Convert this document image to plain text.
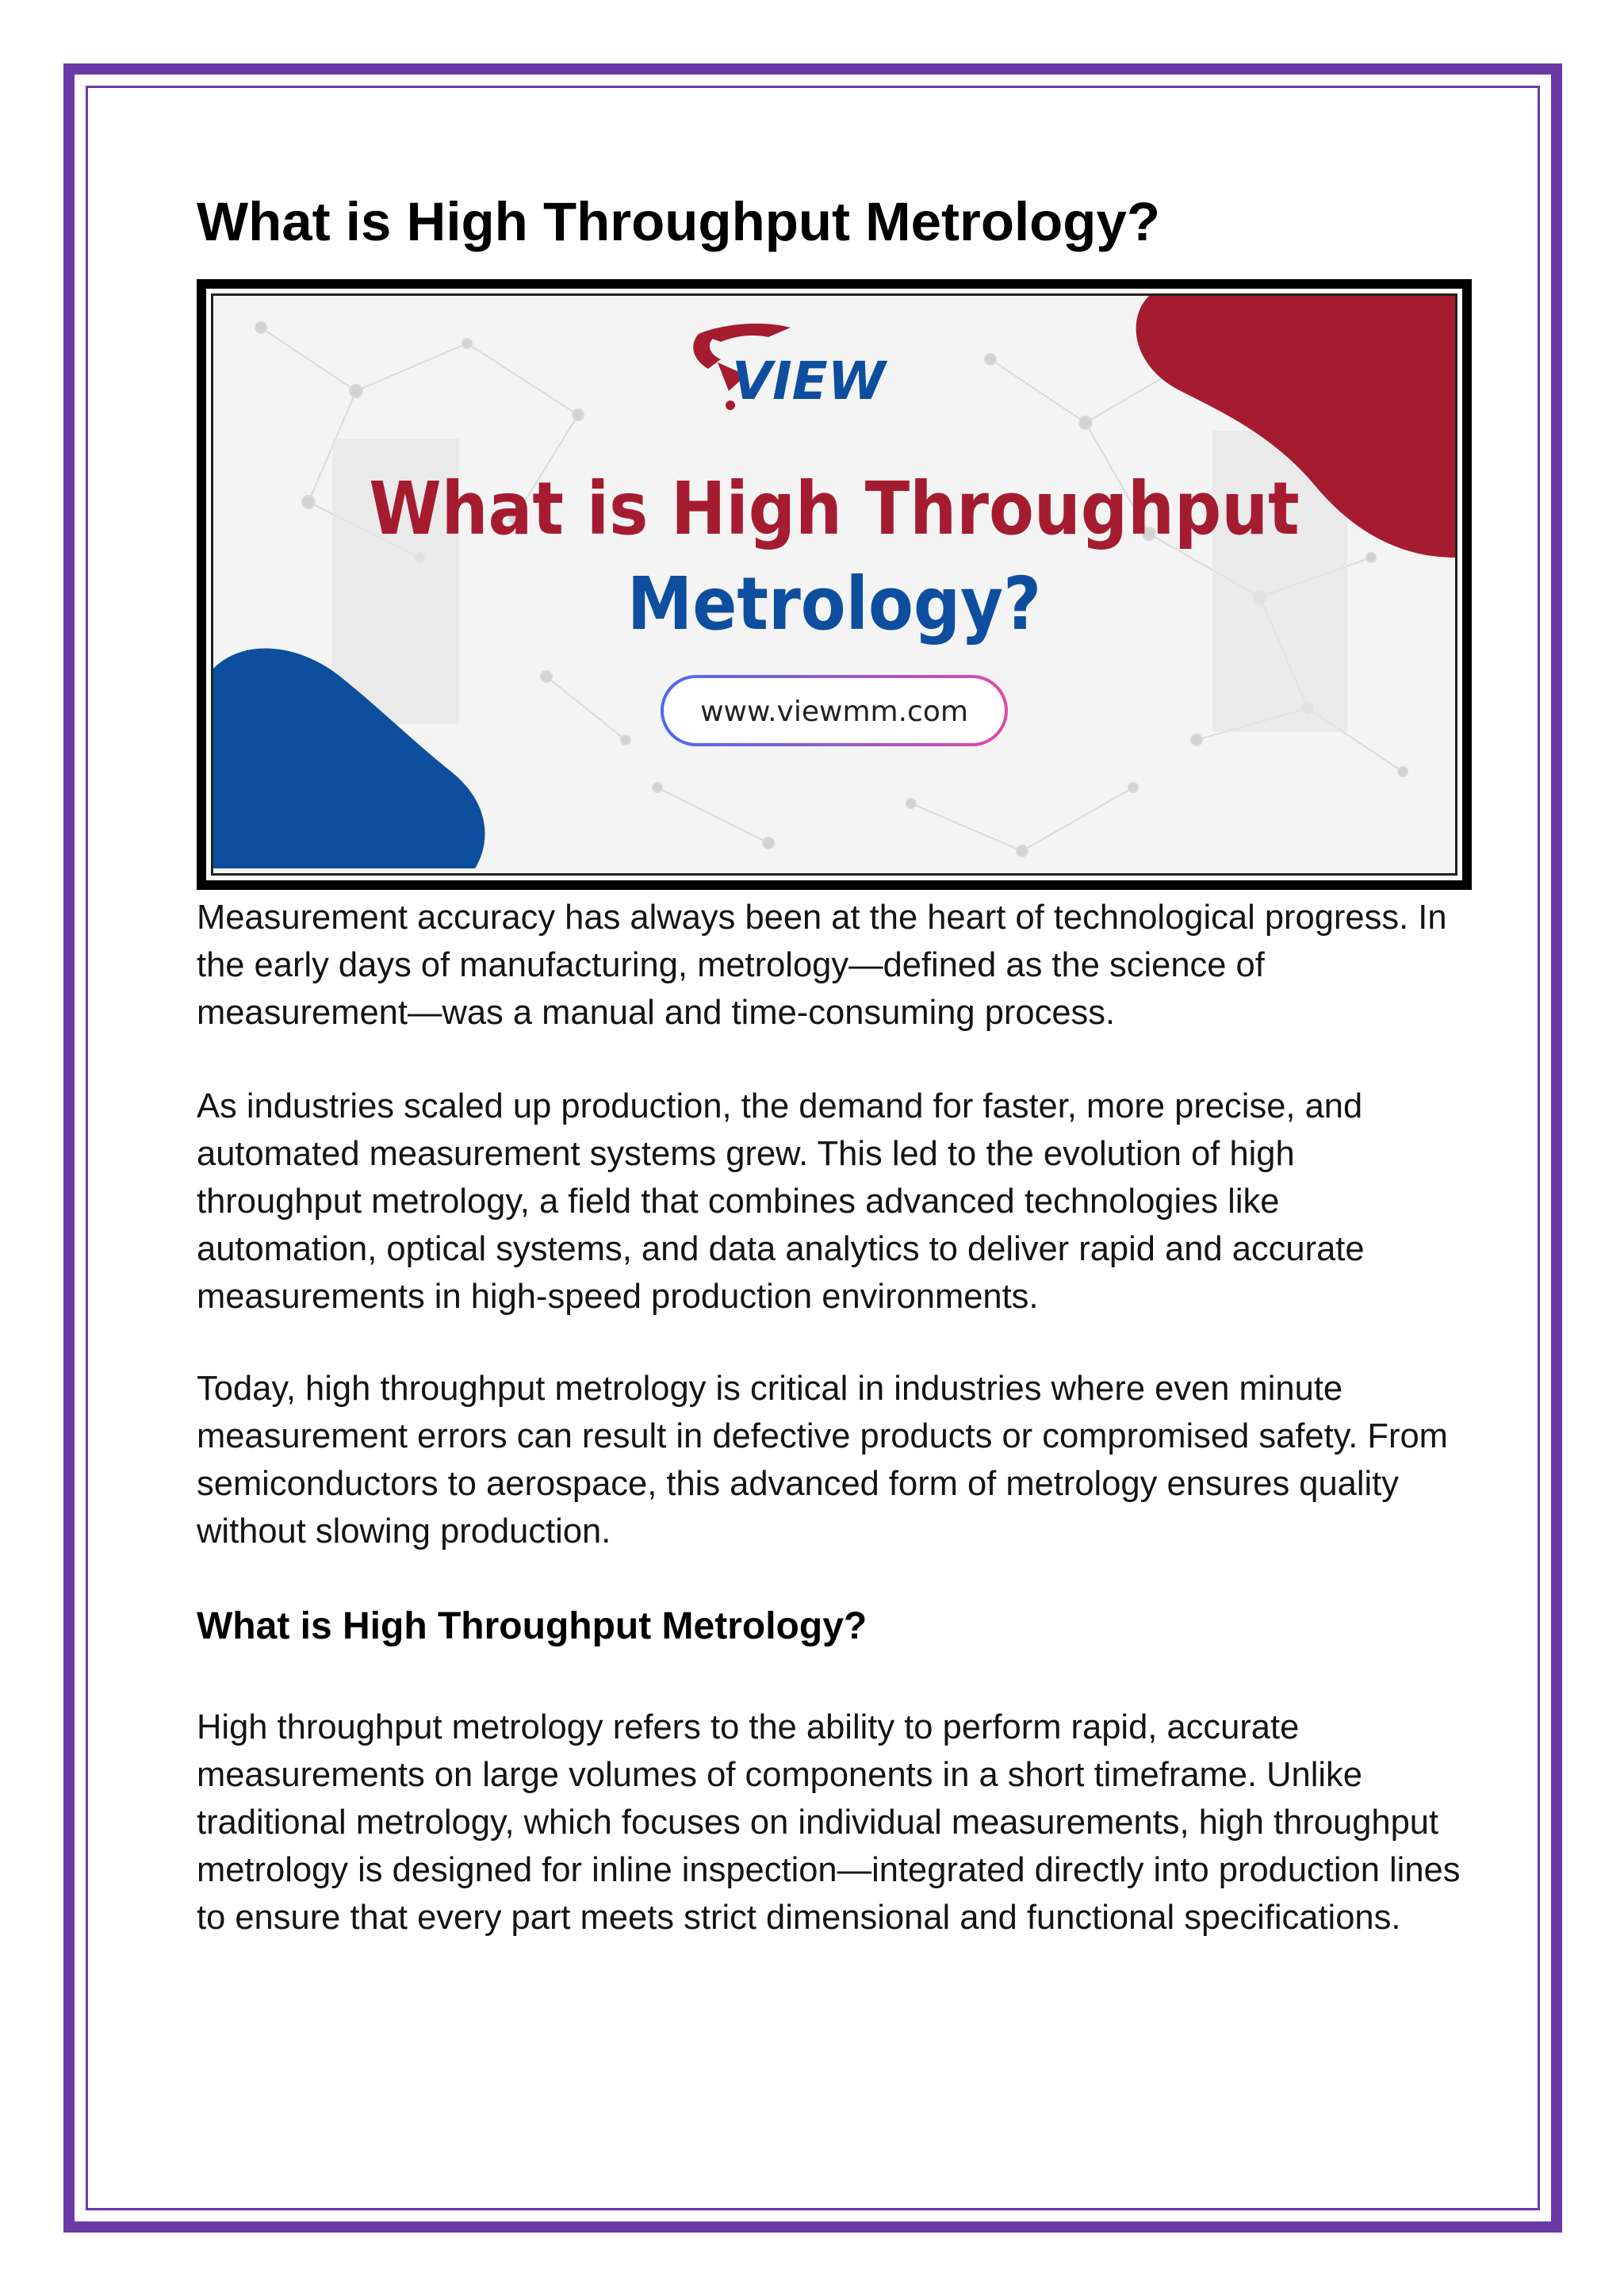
What is High Throughput Metrology?
VIEW
What is High Throughput
Metrology?
www.viewmm.com

Measurement accuracy has always been at the heart of technological progress. In the early days of manufacturing, metrology—defined as the science of measurement—was a manual and time-consuming process.

As industries scaled up production, the demand for faster, more precise, and automated measurement systems grew. This led to the evolution of high throughput metrology, a field that combines advanced technologies like automation, optical systems, and data analytics to deliver rapid and accurate measurements in high-speed production environments.

Today, high throughput metrology is critical in industries where even minute measurement errors can result in defective products or compromised safety. From semiconductors to aerospace, this advanced form of metrology ensures quality without slowing production.

What is High Throughput Metrology?

High throughput metrology refers to the ability to perform rapid, accurate measurements on large volumes of components in a short timeframe. Unlike traditional metrology, which focuses on individual measurements, high throughput metrology is designed for inline inspection—integrated directly into production lines to ensure that every part meets strict dimensional and functional specifications.
